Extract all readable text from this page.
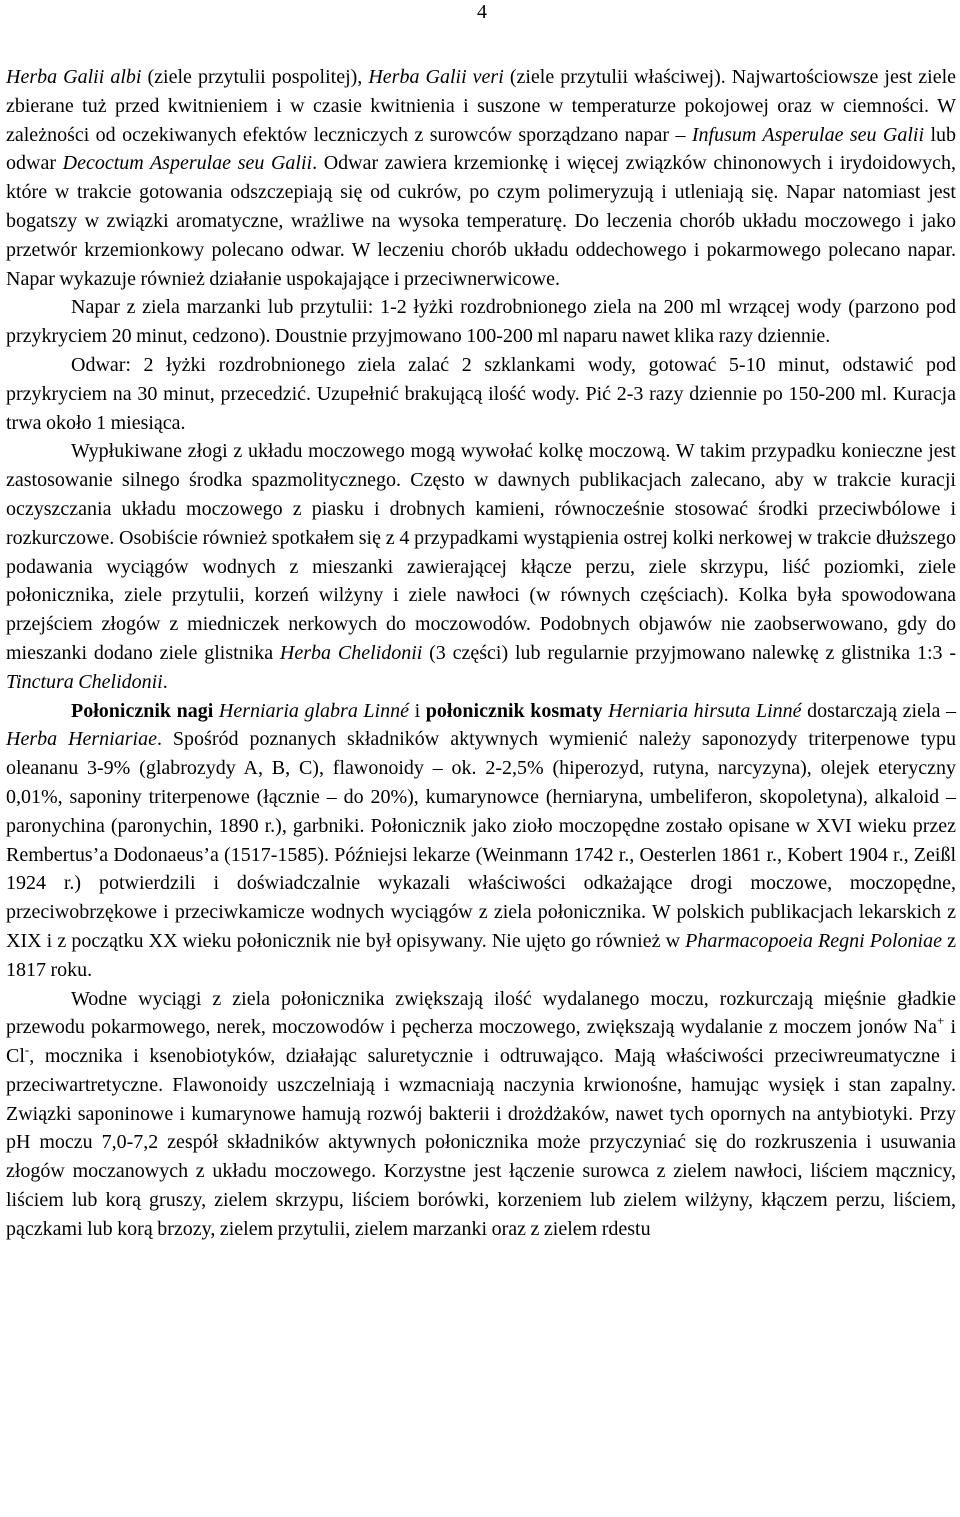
4

Herba Galii albi (ziele przytulii pospolitej), Herba Galii veri (ziele przytulii właściwej). Najwartościowsze jest ziele zbierane tuż przed kwitnieniem i w czasie kwitnienia i suszone w temperaturze pokojowej oraz w ciemności. W zależności od oczekiwanych efektów leczniczych z surowców sporządzano napar – Infusum Asperulae seu Galii lub odwar Decoctum Asperulae seu Galii. Odwar zawiera krzemionkę i więcej związków chinonowych i irydoidowych, które w trakcie gotowania odszczepiają się od cukrów, po czym polimeryzują i utleniają się. Napar natomiast jest bogatszy w związki aromatyczne, wrażliwe na wysoka temperaturę. Do leczenia chorób układu moczowego i jako przetwór krzemionkowy polecano odwar. W leczeniu chorób układu oddechowego i pokarmowego polecano napar. Napar wykazuje również działanie uspokajające i przeciwnerwicowe.

Napar z ziela marzanki lub przytulii: 1-2 łyżki rozdrobnionego ziela na 200 ml wrzącej wody (parzono pod przykryciem 20 minut, cedzono). Doustnie przyjmowano 100-200 ml naparu nawet klika razy dziennie.

Odwar: 2 łyżki rozdrobnionego ziela zalać 2 szklankami wody, gotować 5-10 minut, odstawić pod przykryciem na 30 minut, przecedzić. Uzupełnić brakującą ilość wody. Pić 2-3 razy dziennie po 150-200 ml. Kuracja trwa około 1 miesiąca.

Wypłukiwane złogi z układu moczowego mogą wywołać kolkę moczową. W takim przypadku konieczne jest zastosowanie silnego środka spazmolitycznego. Często w dawnych publikacjach zalecano, aby w trakcie kuracji oczyszczania układu moczowego z piasku i drobnych kamieni, równocześnie stosować środki przeciwbólowe i rozkurczowe. Osobiście również spotkałem się z 4 przypadkami wystąpienia ostrej kolki nerkowej w trakcie dłuższego podawania wyciągów wodnych z mieszanki zawierającej kłącze perzu, ziele skrzypu, liść poziomki, ziele połonicznika, ziele przytulii, korzeń wilżyny i ziele nawłoci (w równych częściach). Kolka była spowodowana przejściem złogów z miedniczek nerkowych do moczowodów. Podobnych objawów nie zaobserwowano, gdy do mieszanki dodano ziele glistnika Herba Chelidonii (3 części) lub regularnie przyjmowano nalewkę z glistnika 1:3 - Tinctura Chelidonii.

Połonicznik nagi Herniaria glabra Linné i połonicznik kosmaty Herniaria hirsuta Linné dostarczają ziela – Herba Herniariae. Spośród poznanych składników aktywnych wymienić należy saponozydy triterpenowe typu oleananu 3-9% (glabrozydy A, B, C), flawonoidy – ok. 2-2,5% (hiperozyd, rutyna, narcyzyna), olejek eteryczny 0,01%, saponiny triterpenowe (łącznie – do 20%), kumarynowce (herniaryna, umbeliferon, skopoletyna), alkaloid – paronychina (paronychin, 1890 r.), garbniki. Połonicznik jako zioło moczopędne zostało opisane w XVI wieku przez Rembertus’a Dodonaeus’a (1517-1585). Późniejsi lekarze (Weinmann 1742 r., Oesterlen 1861 r., Kobert 1904 r., Zeißl 1924 r.) potwierdzili i doświadczalnie wykazali właściwości odkażające drogi moczowe, moczopędne, przeciwobrzękowe i przeciwkamicze wodnych wyciągów z ziela połonicznika. W polskich publikacjach lekarskich z XIX i z początku XX wieku połonicznik nie był opisywany. Nie ujęto go również w Pharmacopoeia Regni Poloniae z 1817 roku.

Wodne wyciągi z ziela połonicznika zwiększają ilość wydalanego moczu, rozkurczają mięśnie gładkie przewodu pokarmowego, nerek, moczowodów i pęcherza moczowego, zwiększają wydalanie z moczem jonów Na+ i Cl-, mocznika i ksenobiotyków, działając saluretycznie i odtruwająco. Mają właściwości przeciwreumatyczne i przeciwartretyczne. Flawonoidy uszczelniają i wzmacniają naczynia krwionośne, hamując wysięk i stan zapalny. Związki saponinowe i kumarynowe hamują rozwój bakterii i drożdżaków, nawet tych opornych na antybiotyki. Przy pH moczu 7,0-7,2 zespół składników aktywnych połonicznika może przyczyniać się do rozkruszenia i usuwania złogów moczanowych z układu moczowego. Korzystne jest łączenie surowca z zielem nawłoci, liściem mącznicy, liściem lub korą gruszy, zielem skrzypu, liściem borówki, korzeniem lub zielem wilżyny, kłączem perzu, liściem, pączkami lub korą brzozy, zielem przytulii, zielem marzanki oraz z zielem rdestu
